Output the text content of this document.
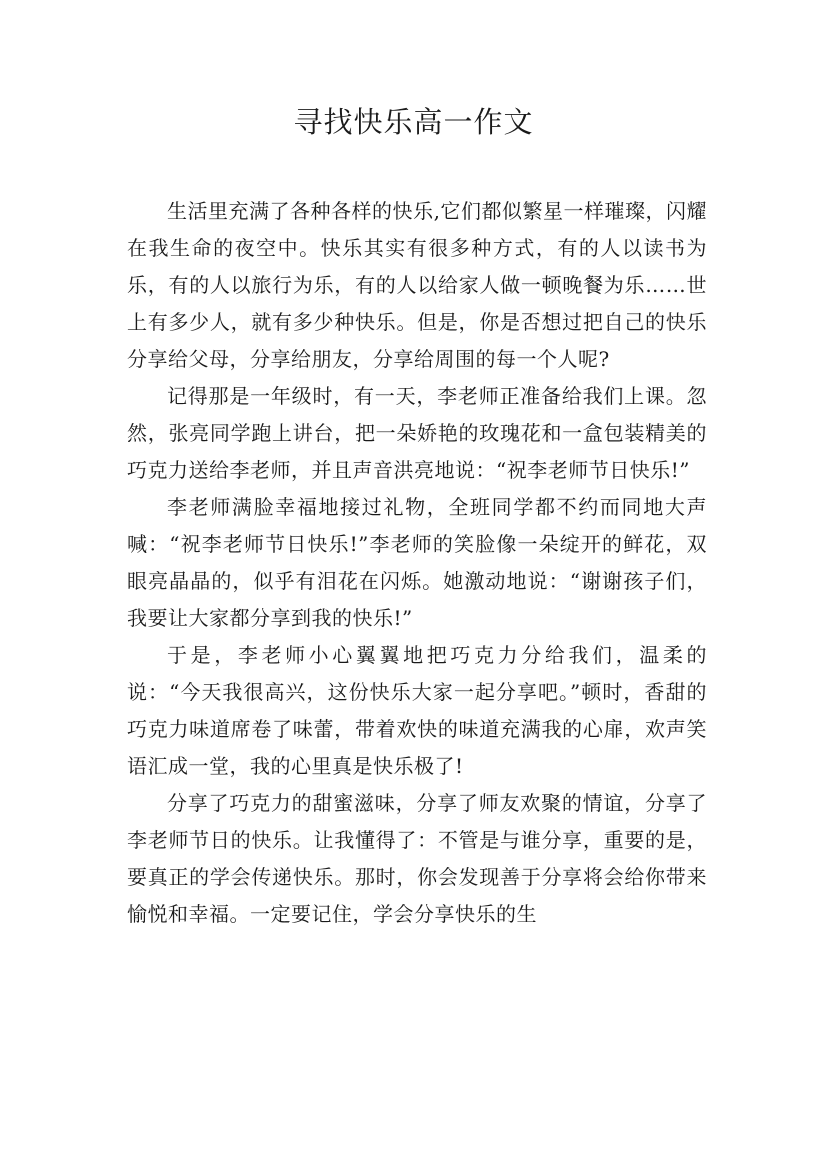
寻找快乐高一作文

生活里充满了各种各样的快乐,它们都似繁星一样璀璨，闪耀在我生命的夜空中。快乐其实有很多种方式，有的人以读书为乐，有的人以旅行为乐，有的人以给家人做一顿晚餐为乐……世上有多少人，就有多少种快乐。但是，你是否想过把自己的快乐分享给父母，分享给朋友，分享给周围的每一个人呢?

记得那是一年级时，有一天，李老师正准备给我们上课。忽然，张亮同学跑上讲台，把一朵娇艳的玫瑰花和一盒包装精美的巧克力送给李老师，并且声音洪亮地说：“祝李老师节日快乐!”

李老师满脸幸福地接过礼物，全班同学都不约而同地大声喊：“祝李老师节日快乐!”李老师的笑脸像一朵绽开的鲜花，双眼亮晶晶的，似乎有泪花在闪烁。她激动地说：“谢谢孩子们，我要让大家都分享到我的快乐!”

于是，李老师小心翼翼地把巧克力分给我们，温柔的说：“今天我很高兴，这份快乐大家一起分享吧。”顿时，香甜的巧克力味道席卷了味蕾，带着欢快的味道充满我的心扉，欢声笑语汇成一堂，我的心里真是快乐极了!

分享了巧克力的甜蜜滋味，分享了师友欢聚的情谊，分享了李老师节日的快乐。让我懂得了：不管是与谁分享，重要的是，要真正的学会传递快乐。那时，你会发现善于分享将会给你带来愉悦和幸福。一定要记住，学会分享快乐的生
